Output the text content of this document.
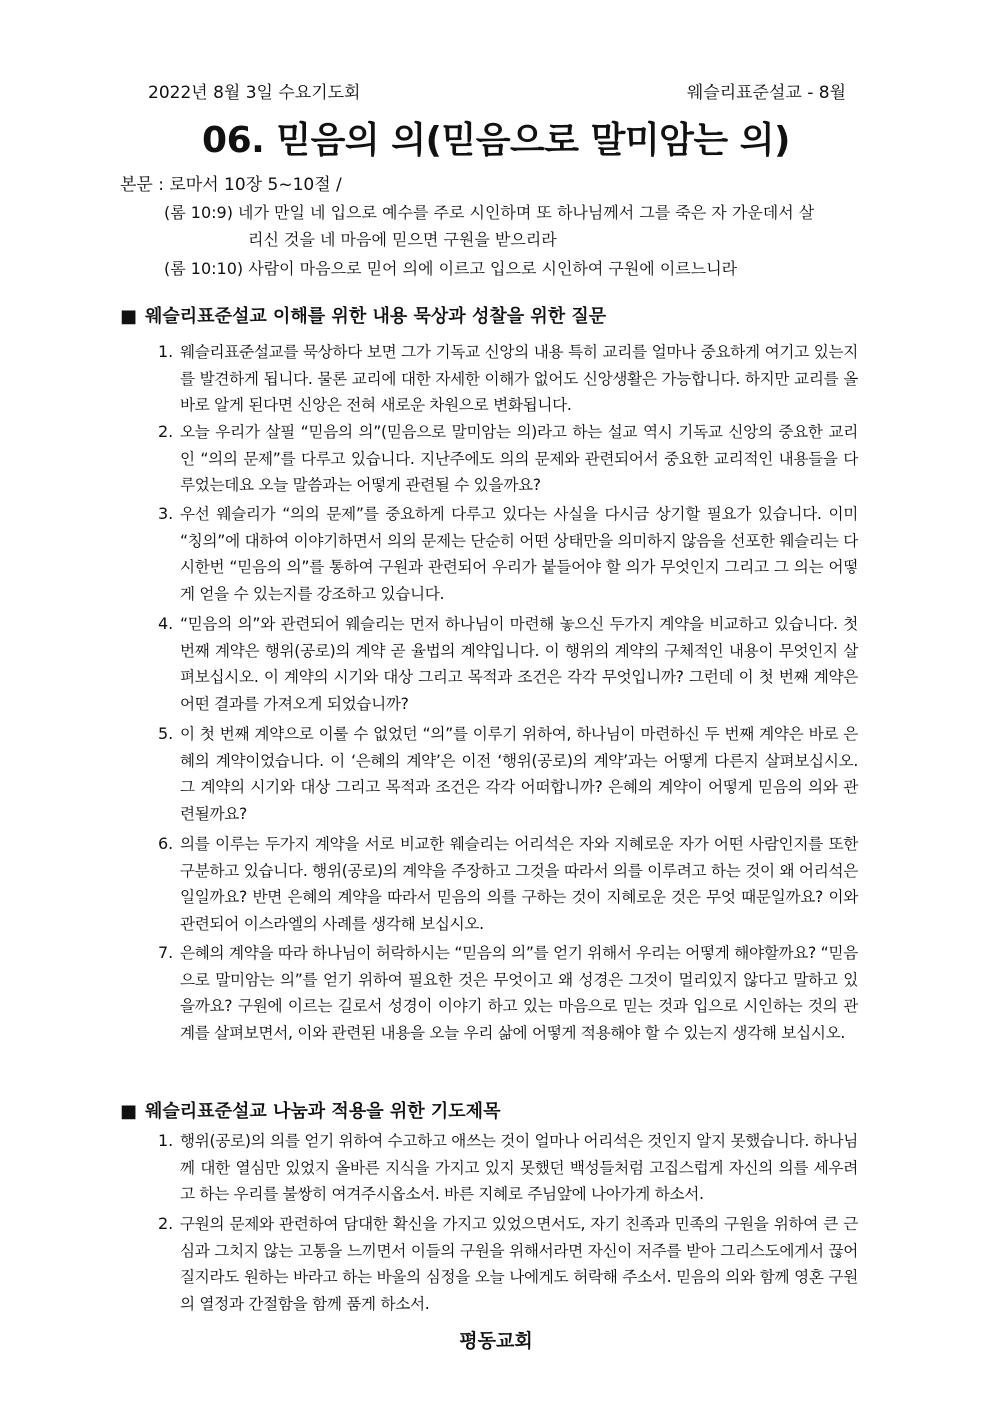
2022년 8월 3일 수요기도회	웨슬리표준설교 - 8월
06. 믿음의 의(믿음으로 말미암는 의)
본문 : 로마서 10장 5~10절 /
(롬 10:9) 네가 만일 네 입으로 예수를 주로 시인하며 또 하나님께서 그를 죽은 자 가운데서 살
리신 것을 네 마음에 믿으면 구원을 받으리라
(롬 10:10) 사람이 마음으로 믿어 의에 이르고 입으로 시인하여 구원에 이르느니라
■ 웨슬리표준설교 이해를 위한 내용 묵상과 성찰을 위한 질문
1. 웨슬리표준설교를 묵상하다 보면 그가 기독교 신앙의 내용 특히 교리를 얼마나 중요하게 여기고 있는지를 발견하게 됩니다. 물론 교리에 대한 자세한 이해가 없어도 신앙생활은 가능합니다. 하지만 교리를 올바로 알게 된다면 신앙은 전혀 새로운 차원으로 변화됩니다.
2. 오늘 우리가 살필 “믿음의 의”(믿음으로 말미암는 의)라고 하는 설교 역시 기독교 신앙의 중요한 교리인 “의의 문제”를 다루고 있습니다. 지난주에도 의의 문제와 관련되어서 중요한 교리적인 내용들을 다루었는데요 오늘 말씀과는 어떻게 관련될 수 있을까요?
3. 우선 웨슬리가 “의의 문제”를 중요하게 다루고 있다는 사실을 다시금 상기할 필요가 있습니다. 이미 “칭의”에 대하여 이야기하면서 의의 문제는 단순히 어떤 상태만을 의미하지 않음을 선포한 웨슬리는 다시한번 “믿음의 의”를 통하여 구원과 관련되어 우리가 붙들어야 할 의가 무엇인지 그리고 그 의는 어떻게 얻을 수 있는지를 강조하고 있습니다.
4. “믿음의 의”와 관련되어 웨슬리는 먼저 하나님이 마련해 놓으신 두가지 계약을 비교하고 있습니다. 첫 번째 계약은 행위(공로)의 계약 곧 율법의 계약입니다. 이 행위의 계약의 구체적인 내용이 무엇인지 살펴보십시오. 이 계약의 시기와 대상 그리고 목적과 조건은 각각 무엇입니까? 그런데 이 첫 번째 계약은 어떤 결과를 가져오게 되었습니까?
5. 이 첫 번째 계약으로 이룰 수 없었던 “의”를 이루기 위하여, 하나님이 마련하신 두 번째 계약은 바로 은혜의 계약이었습니다. 이 ‘은혜의 계약’은 이전 ‘행위(공로)의 계약’과는 어떻게 다른지 살펴보십시오. 그 계약의 시기와 대상 그리고 목적과 조건은 각각 어떠합니까? 은혜의 계약이 어떻게 믿음의 의와 관련될까요?
6. 의를 이루는 두가지 계약을 서로 비교한 웨슬리는 어리석은 자와 지혜로운 자가 어떤 사람인지를 또한 구분하고 있습니다. 행위(공로)의 계약을 주장하고 그것을 따라서 의를 이루려고 하는 것이 왜 어리석은 일일까요? 반면 은혜의 계약을 따라서 믿음의 의를 구하는 것이 지혜로운 것은 무엇 때문일까요? 이와 관련되어 이스라엘의 사례를 생각해 보십시오.
7. 은혜의 계약을 따라 하나님이 허락하시는 “믿음의 의”를 얻기 위해서 우리는 어떻게 해야할까요? “믿음으로 말미암는 의”를 얻기 위하여 필요한 것은 무엇이고 왜 성경은 그것이 멀리있지 않다고 말하고 있을까요? 구원에 이르는 길로서 성경이 이야기 하고 있는 마음으로 믿는 것과 입으로 시인하는 것의 관계를 살펴보면서, 이와 관련된 내용을 오늘 우리 삶에 어떻게 적용해야 할 수 있는지 생각해 보십시오.
■ 웨슬리표준설교 나눔과 적용을 위한 기도제목
1. 행위(공로)의 의를 얻기 위하여 수고하고 애쓰는 것이 얼마나 어리석은 것인지 알지 못했습니다. 하나님께 대한 열심만 있었지 올바른 지식을 가지고 있지 못했던 백성들처럼 고집스럽게 자신의 의를 세우려고 하는 우리를 불쌍히 여겨주시옵소서. 바른 지혜로 주님앞에 나아가게 하소서.
2. 구원의 문제와 관련하여 담대한 확신을 가지고 있었으면서도, 자기 친족과 민족의 구원을 위하여 큰 근심과 그치지 않는 고통을 느끼면서 이들의 구원을 위해서라면 자신이 저주를 받아 그리스도에게서 끊어질지라도 원하는 바라고 하는 바울의 심정을 오늘 나에게도 허락해 주소서. 믿음의 의와 함께 영혼 구원의 열정과 간절함을 함께 품게 하소서.
평동교회
